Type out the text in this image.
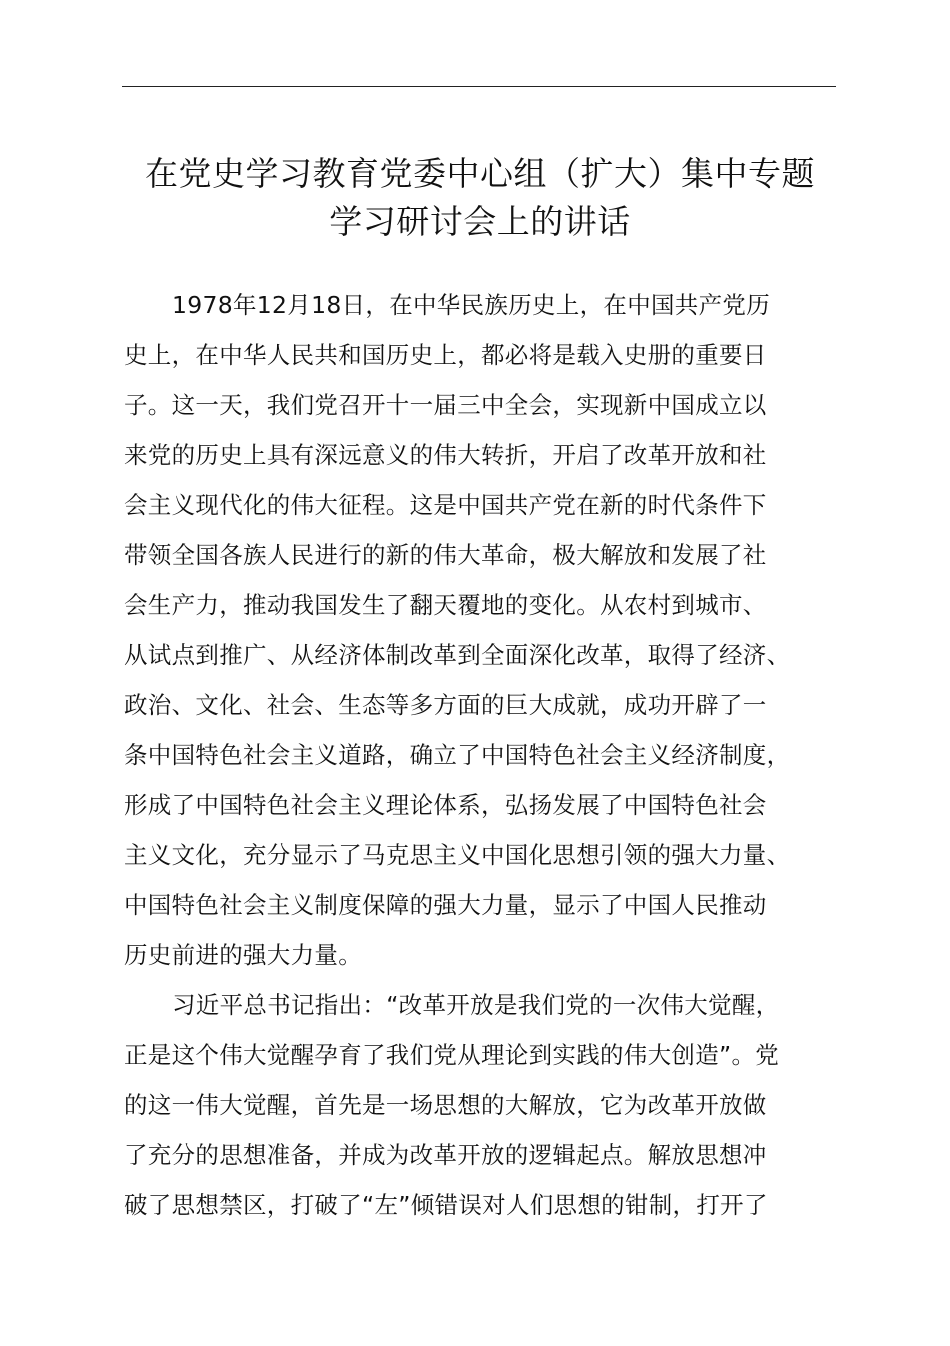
在党史学习教育党委中心组（扩大）集中专题
学习研讨会上的讲话

1978年12月18日，在中华民族历史上，在中国共产党历
史上，在中华人民共和国历史上，都必将是载入史册的重要日
子。这一天，我们党召开十一届三中全会，实现新中国成立以
来党的历史上具有深远意义的伟大转折，开启了改革开放和社
会主义现代化的伟大征程。这是中国共产党在新的时代条件下
带领全国各族人民进行的新的伟大革命，极大解放和发展了社
会生产力，推动我国发生了翻天覆地的变化。从农村到城市、
从试点到推广、从经济体制改革到全面深化改革，取得了经济、
政治、文化、社会、生态等多方面的巨大成就，成功开辟了一
条中国特色社会主义道路，确立了中国特色社会主义经济制度，
形成了中国特色社会主义理论体系，弘扬发展了中国特色社会
主义文化，充分显示了马克思主义中国化思想引领的强大力量、
中国特色社会主义制度保障的强大力量，显示了中国人民推动
历史前进的强大力量。

习近平总书记指出：“改革开放是我们党的一次伟大觉醒，
正是这个伟大觉醒孕育了我们党从理论到实践的伟大创造”。党
的这一伟大觉醒，首先是一场思想的大解放，它为改革开放做
了充分的思想准备，并成为改革开放的逻辑起点。解放思想冲
破了思想禁区，打破了“左”倾错误对人们思想的钳制，打开了
